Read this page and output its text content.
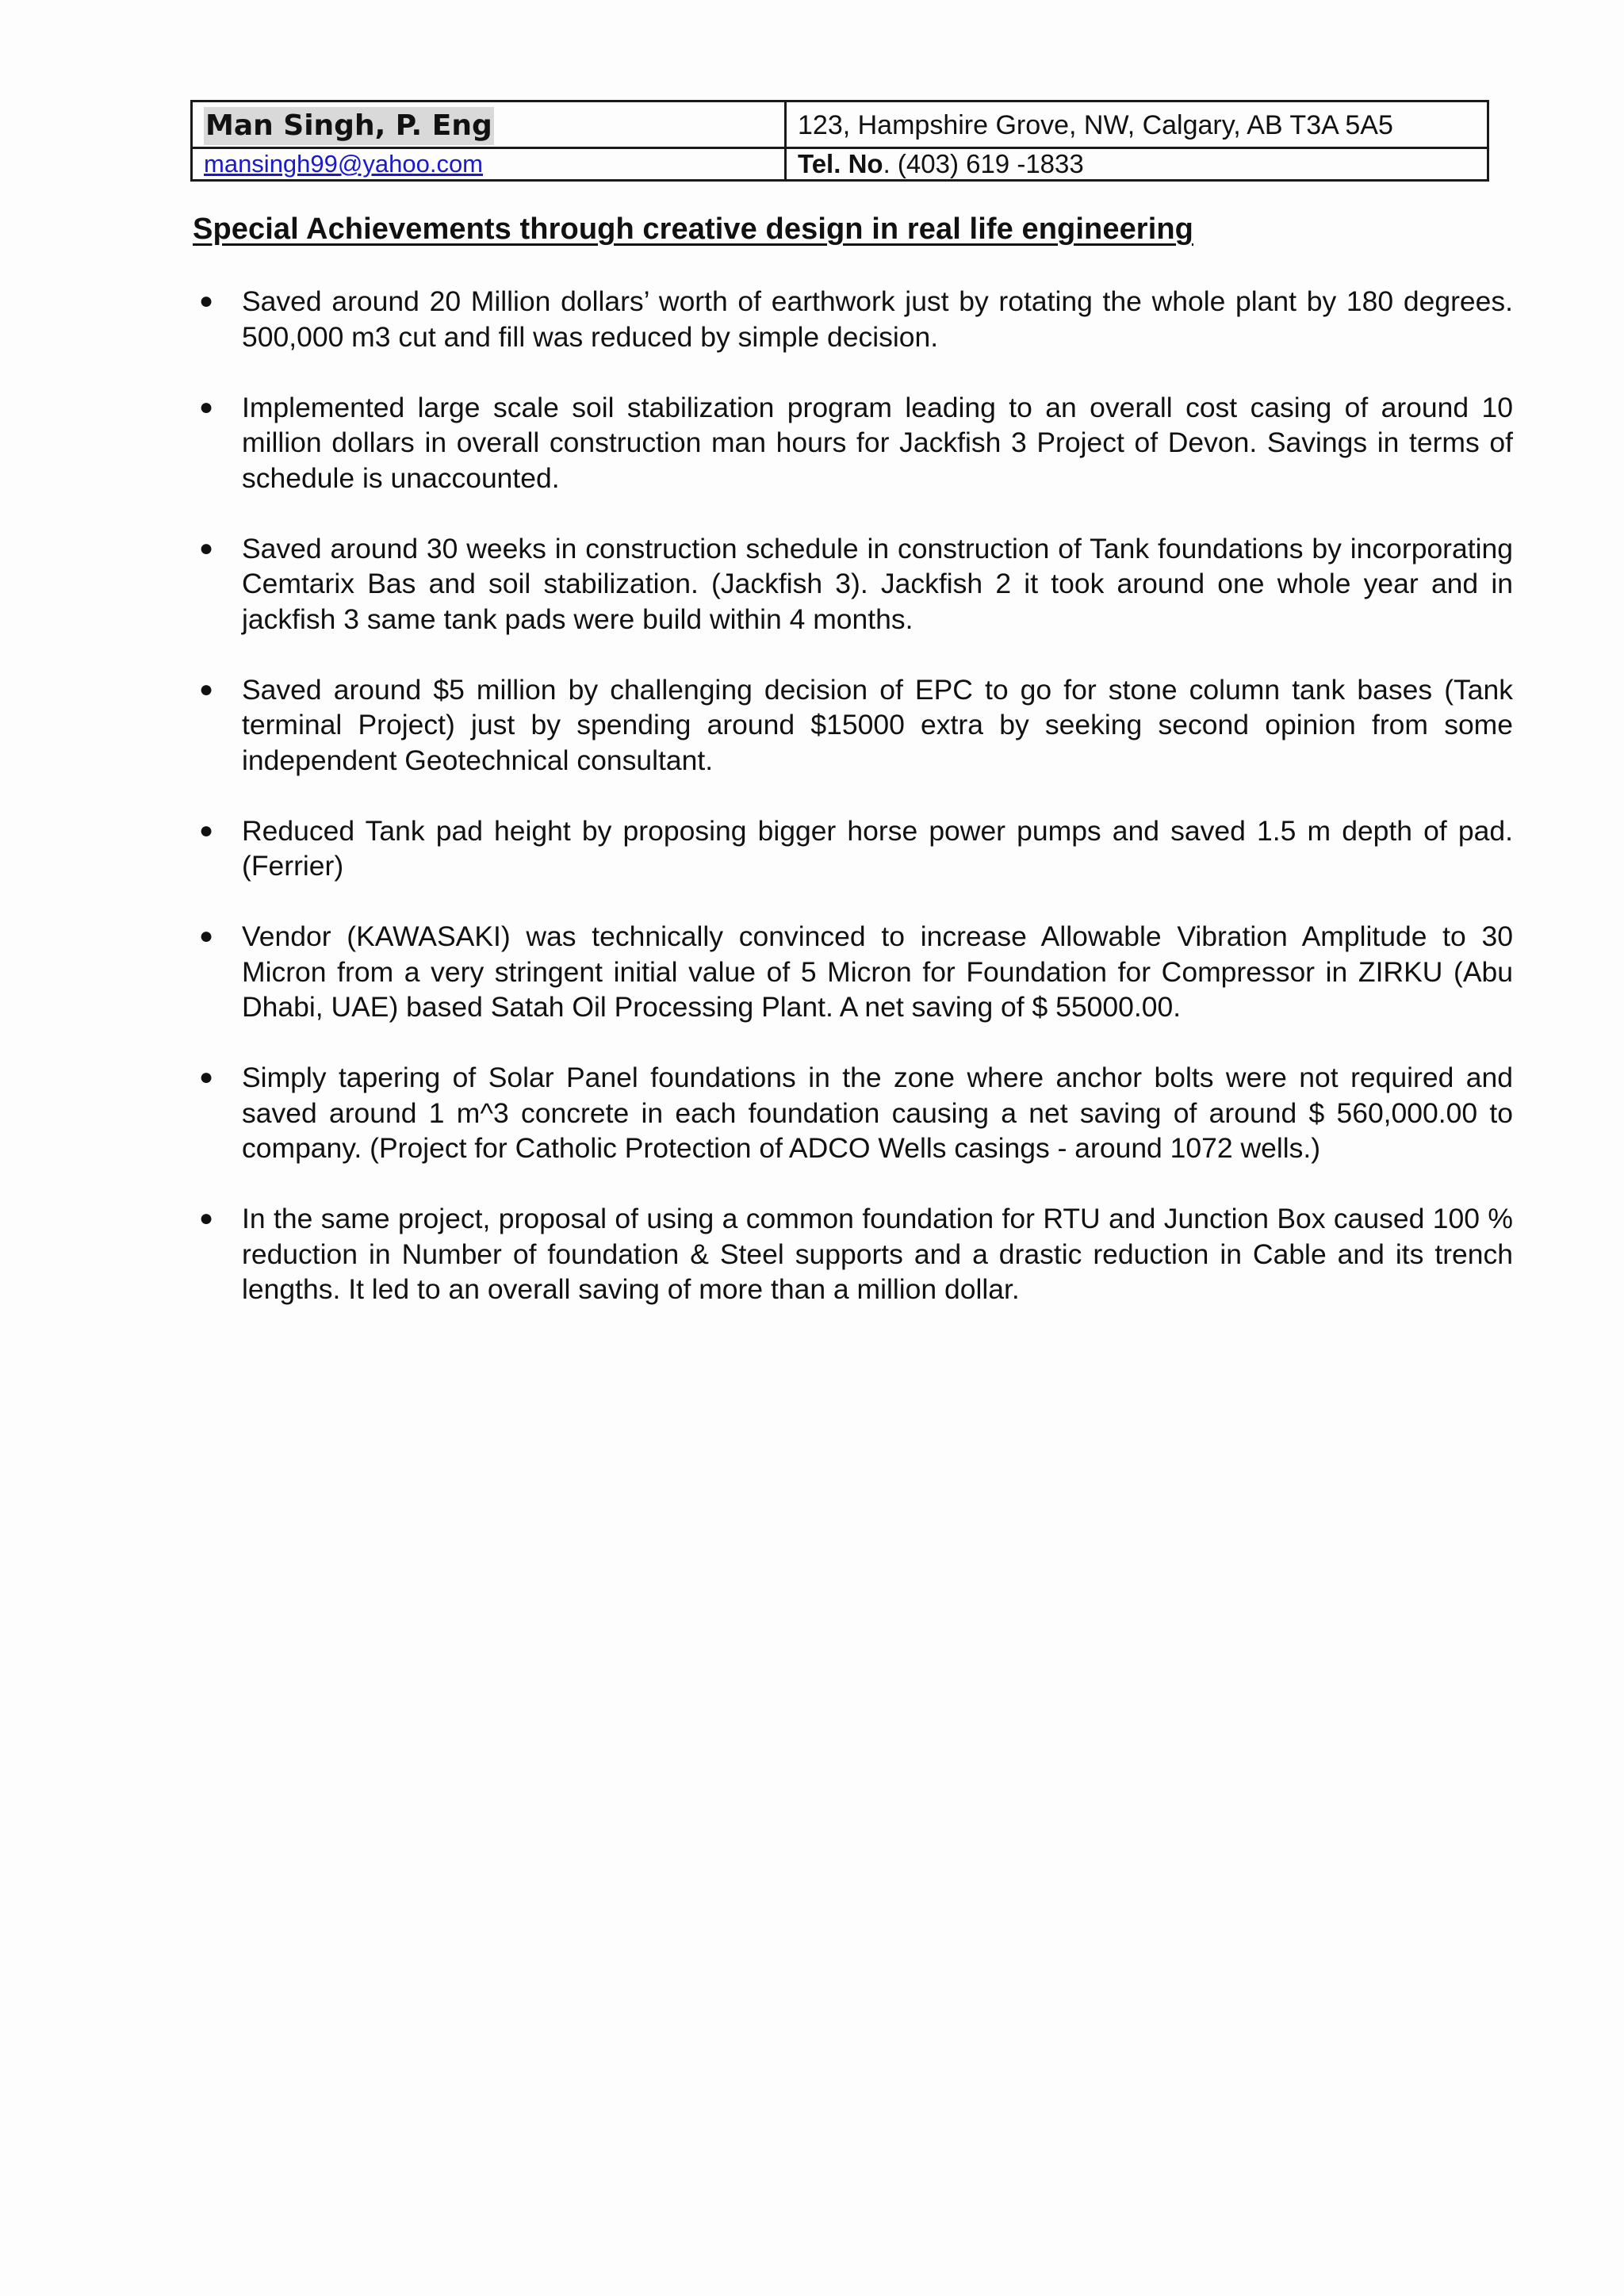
Man Singh, P. Eng	123, Hampshire Grove, NW, Calgary, AB T3A 5A5

mansingh99@yahoo.com	Tel. No. (403) 619 -1833
Special Achievements through creative design in real life engineering
● Saved around 20 Million dollars’ worth of earthwork just by rotating the whole plant by 180 degrees. 500,000 m3 cut and fill was reduced by simple decision.
● Implemented large scale soil stabilization program leading to an overall cost casing of around 10 million dollars in overall construction man hours for Jackfish 3 Project of Devon. Savings in terms of schedule is unaccounted.
● Saved around 30 weeks in construction schedule in construction of Tank foundations by incorporating Cemtarix Bas and soil stabilization. (Jackfish 3). Jackfish 2 it took around one whole year and in jackfish 3 same tank pads were build within 4 months.
● Saved around $5 million by challenging decision of EPC to go for stone column tank bases (Tank terminal Project) just by spending around $15000 extra by seeking second opinion from some independent Geotechnical consultant.
● Reduced Tank pad height by proposing bigger horse power pumps and saved 1.5 m depth of pad. (Ferrier)
● Vendor (KAWASAKI) was technically convinced to increase Allowable Vibration Amplitude to 30 Micron from a very stringent initial value of 5 Micron for Foundation for Compressor in ZIRKU (Abu Dhabi, UAE) based Satah Oil Processing Plant. A net saving of $ 55000.00.
● Simply tapering of Solar Panel foundations in the zone where anchor bolts were not required and saved around 1 m^3 concrete in each foundation causing a net saving of around $ 560,000.00 to company. (Project for Catholic Protection of ADCO Wells casings - around 1072 wells.)
● In the same project, proposal of using a common foundation for RTU and Junction Box caused 100 % reduction in Number of foundation & Steel supports and a drastic reduction in Cable and its trench lengths. It led to an overall saving of more than a million dollar.
